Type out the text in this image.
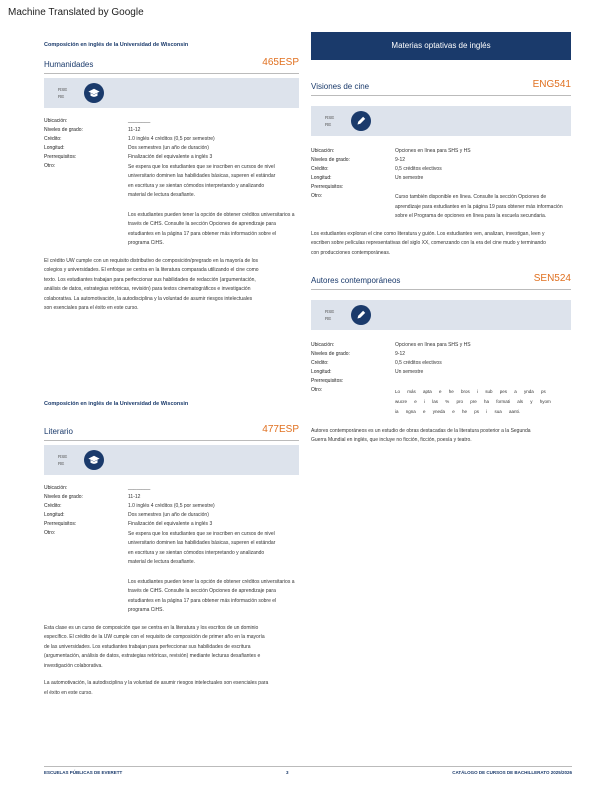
Machine Translated by Google
Composición en inglés de la Universidad de Wisconsin
Humanidades	465ESP
RSE
RE
Ubicación:	________
Niveles de grado:	11-12
Crédito:	1.0 inglés 4 créditos (0,5 por semestre)
Longitud:	Dos semestres (un año de duración)
Prerrequisitos:	Finalización del equivalente a inglés 3
Otro:	Se espera que los estudiantes que se inscriben en cursos de nivel universitario dominen las habilidades básicas, superen el estándar en escritura y se sientan cómodos interpretando y analizando material de lectura desafiante.
Los estudiantes pueden tener la opción de obtener créditos universitarios a través de CiHS. Consulte la sección Opciones de aprendizaje para estudiantes en la página 17 para obtener más información sobre el programa CiHS.
El crédito UW cumple con un requisito distributivo de composición/pregrado en la mayoría de los colegios y universidades. El enfoque se centra en la literatura comparada utilizando el cine como texto. Los estudiantes trabajan para perfeccionar sus habilidades de redacción (argumentación, análisis de datos, estrategias retóricas, revisión) para textos cinematográficos e investigación colaborativa. La automotivación, la autodisciplina y la voluntad de asumir riesgos intelectuales son esenciales para el éxito en este curso.
Composición en inglés de la Universidad de Wisconsin
Literario	477ESP
RSE
RE
Ubicación:	________
Niveles de grado:	11-12
Crédito:	1.0 inglés 4 créditos (0,5 por semestre)
Longitud:	Dos semestres (un año de duración)
Prerrequisitos:	Finalización del equivalente a inglés 3
Otro:	Se espera que los estudiantes que se inscriben en cursos de nivel universitario dominen las habilidades básicas, superen el estándar en escritura y se sientan cómodos interpretando y analizando material de lectura desafiante.
Los estudiantes pueden tener la opción de obtener créditos universitarios a través de CiHS. Consulte la sección Opciones de aprendizaje para estudiantes en la página 17 para obtener más información sobre el programa CiHS.
Esta clase es un curso de composición que se centra en la literatura y los escritos de un dominio específico. El crédito de la UW cumple con el requisito de composición de primer año en la mayoría de las universidades. Los estudiantes trabajan para perfeccionar sus habilidades de escritura (argumentación, análisis de datos, estrategias retóricas, revisión) mediante lecturas desafiantes e investigación colaborativa.
La automotivación, la autodisciplina y la voluntad de asumir riesgos intelectuales son esenciales para el éxito en este curso.
Materias optativas de inglés
Visiones de cine	ENG541
RSE
RE
Ubicación:	Opciones en línea para SHS y HS
Niveles de grado:	9-12
Crédito:	0,5 créditos electivos
Longitud:	Un semestre
Prerrequisitos:
Otro:	Curso también disponible en línea. Consulte la sección Opciones de aprendizaje para estudiantes en la página 19 para obtener más información sobre el Programa de opciones en línea para la escuela secundaria.
Los estudiantes exploran el cine como literatura y guión. Los estudiantes ven, analizan, investigan, leen y escriben sobre películas representativas del siglo XX, comenzando con la era del cine mudo y terminando con producciones contemporáneas.
Autores contemporáneos	SEN524
RSE
RE
Ubicación:	Opciones en línea para SHS y HS
Niveles de grado:	9-12
Crédito:	0,5 créditos electivos
Longitud:	Un semestre
Prerrequisitos:
Otro:	Lo más apta e he bros i sub pes a ynda ps wucre e i las % pro pre ha formati als y hyom ia ngna e yneda e he ps i sua aanti.
Autores contemporáneos es un estudio de obras destacadas de la literatura posterior a la Segunda Guerra Mundial en inglés, que incluye no ficción, ficción, poesía y teatro.
ESCUELAS PÚBLICAS DE EVERETT	3	CATÁLOGO DE CURSOS DE BACHILLERATO 2025/2026
